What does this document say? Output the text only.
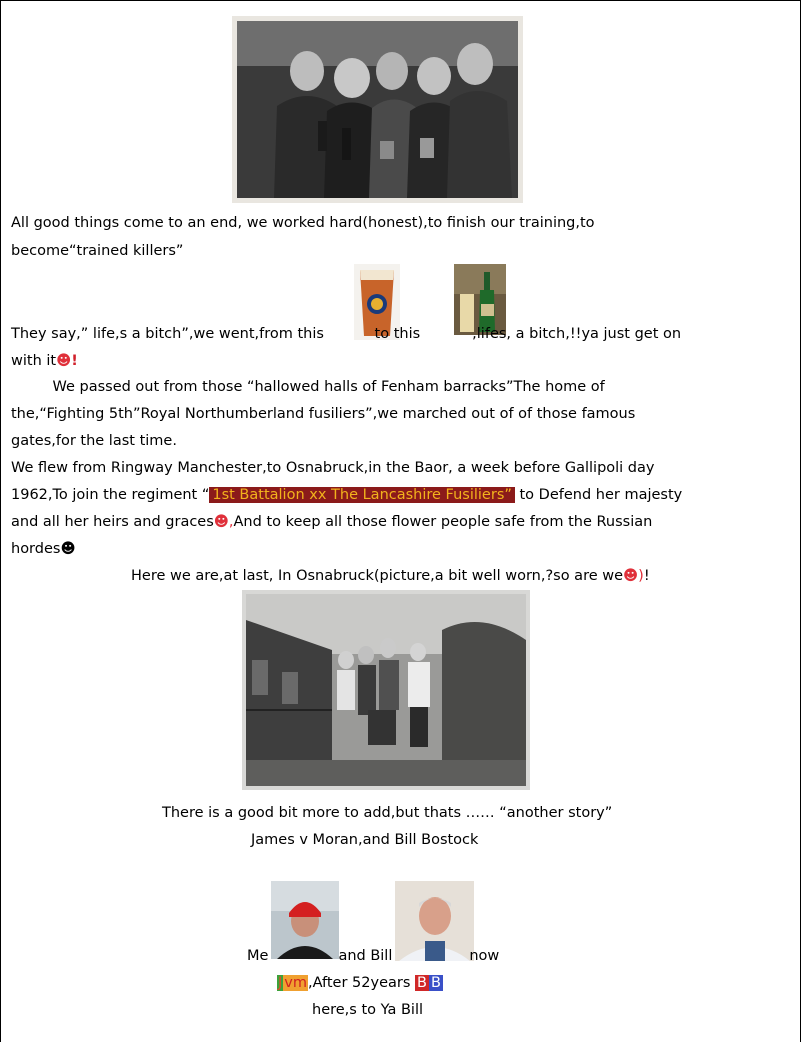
All good things come to an end, we worked hard(honest),to finish our training,to
become“trained killers”
They say,” life,s a bitch”,we went,from this	to this	,lifes, a bitch,!!ya just get on
with it☻!
We passed out from those “hallowed halls of Fenham barracks”The home of
the,“Fighting 5th”Royal Northumberland fusiliers”,we marched out of of those famous
gates,for the last time.
We flew from Ringway Manchester,to Osnabruck,in the Baor, a week before Gallipoli day
1962,To join the regiment “ 1st Battalion xx The Lancashire Fusiliers” to Defend her majesty
and all her heirs and graces☻,And to keep all those flower people safe from the Russian
hordes☻
Here we are,at last, In Osnabruck(picture,a bit well worn,?so are we☻)!
There is a good bit more to add,but thats …… “another story”
James v Moran,and Bill Bostock
Me	and Bill	now
J vm,After 52years B B
here,s to Ya Bill
